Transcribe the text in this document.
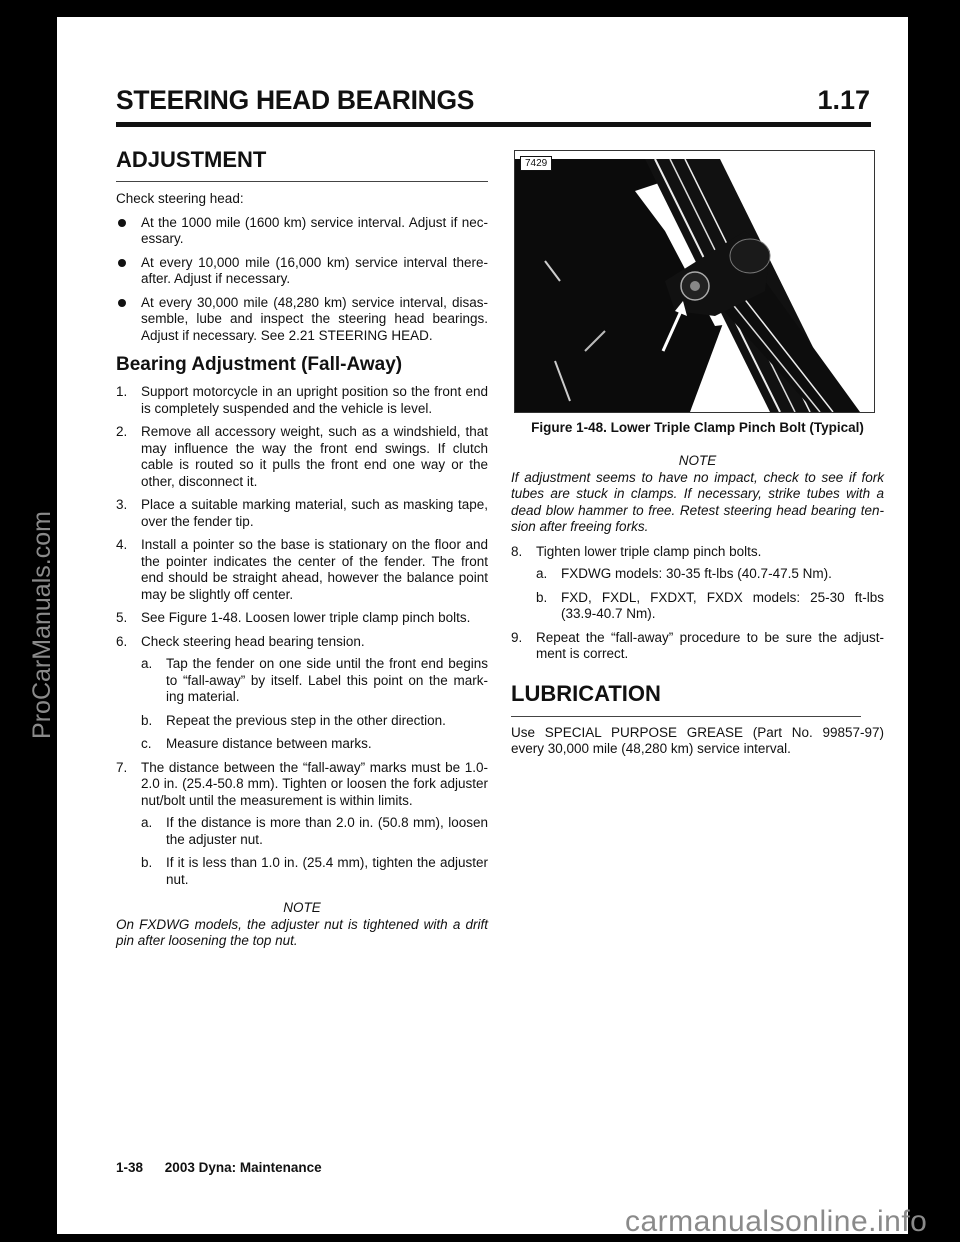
STEERING HEAD BEARINGS	1.17
ADJUSTMENT

Check steering head:

At the 1000 mile (1600 km) service interval. Adjust if nec-essary.
At every 10,000 mile (16,000 km) service interval there-after. Adjust if necessary.
At every 30,000 mile (48,280 km) service interval, disas-semble, lube and inspect the steering head bearings. Adjust if necessary. See 2.21 STEERING HEAD.
Bearing Adjustment (Fall-Away)
1. Support motorcycle in an upright position so the front end is completely suspended and the vehicle is level.
2. Remove all accessory weight, such as a windshield, that may influence the way the front end swings. If clutch cable is routed so it pulls the front end one way or the other, disconnect it.
3. Place a suitable marking material, such as masking tape, over the fender tip.
4. Install a pointer so the base is stationary on the floor and the pointer indicates the center of the fender. The front end should be straight ahead, however the balance point may be slightly off center.
5. See Figure 1-48. Loosen lower triple clamp pinch bolts.
6. Check steering head bearing tension.
a. Tap the fender on one side until the front end begins to “fall-away” by itself. Label this point on the mark-ing material.
b. Repeat the previous step in the other direction.
c. Measure distance between marks.
7. The distance between the “fall-away” marks must be 1.0-2.0 in. (25.4-50.8 mm). Tighten or loosen the fork adjuster nut/bolt until the measurement is within limits.
a. If the distance is more than 2.0 in. (50.8 mm), loosen the adjuster nut.
b. If it is less than 1.0 in. (25.4 mm), tighten the adjuster nut.

NOTE

On FXDWG models, the adjuster nut is tightened with a drift pin after loosening the top nut.

7429

Figure 1-48. Lower Triple Clamp Pinch Bolt (Typical)

NOTE

If adjustment seems to have no impact, check to see if fork tubes are stuck in clamps. If necessary, strike tubes with a dead blow hammer to free. Retest steering head bearing ten-sion after freeing forks.

8. Tighten lower triple clamp pinch bolts.
a. FXDWG models: 30-35 ft-lbs (40.7-47.5 Nm).
b. FXD, FXDL, FXDXT, FXDX models: 25-30 ft-lbs (33.9-40.7 Nm).
9. Repeat the “fall-away” procedure to be sure the adjust-ment is correct.
LUBRICATION

Use SPECIAL PURPOSE GREASE (Part No. 99857-97) every 30,000 mile (48,280 km) service interval.

1-38 2003 Dyna: Maintenance
ProCarManuals.com
carmanualsonline.info
